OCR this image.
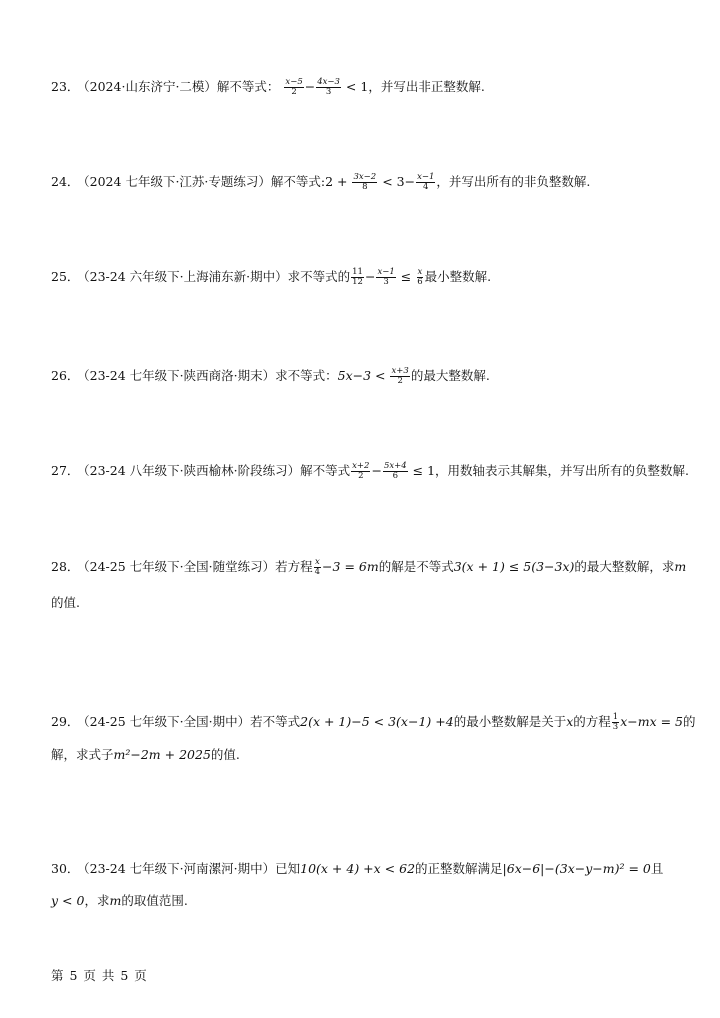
23． （2024·山东济宁·二模）解不等式： $\frac{x-5}{2} - \frac{4x-3}{3} < 1$，并写出非正整数解.
24． （2024 七年级下·江苏·专题练习）解不等式:2 + $\frac{3x-2}{8} < 3- \frac{x-1}{4}$ ，并写出所有的非负整数解.
25． （23-24 六年级下·上海浦东新·期中）求不等式的 $\frac{11}{12} - \frac{x-1}{3} \le \frac{x}{6}$ 最小整数解.
26． （23-24 七年级下·陕西商洛·期末）求不等式：$5x-3 < \frac{x+3}{2}$ 的最大整数解.
27． （23-24 八年级下·陕西榆林·阶段练习）解不等式 $\frac{x+2}{2} - \frac{5x+4}{6} \le 1$，用数轴表示其解集，并写出所有的负整数解.
28． （24-25 七年级下·全国·随堂练习）若方程 $\frac{x}{4} -3 = 6m$的解是不等式3(x + 1) ≤ 5(3−3x)的最大整数解，求m
的值.
29． （24-25 七年级下·全国·期中）若不等式2(x + 1)−5 < 3(x−1) +4的最小整数解是关于x的方程 $\frac{1}{3} x-mx = 5$的
解，求式子m²−2m + 2025的值.
30． （23-24 七年级下·河南漯河·期中）已知10(x + 4) +x < 62的正整数解满足|6x−6|−(3x−y−m)² = 0且
y < 0，求m的取值范围.
第 5 页 共 5 页
